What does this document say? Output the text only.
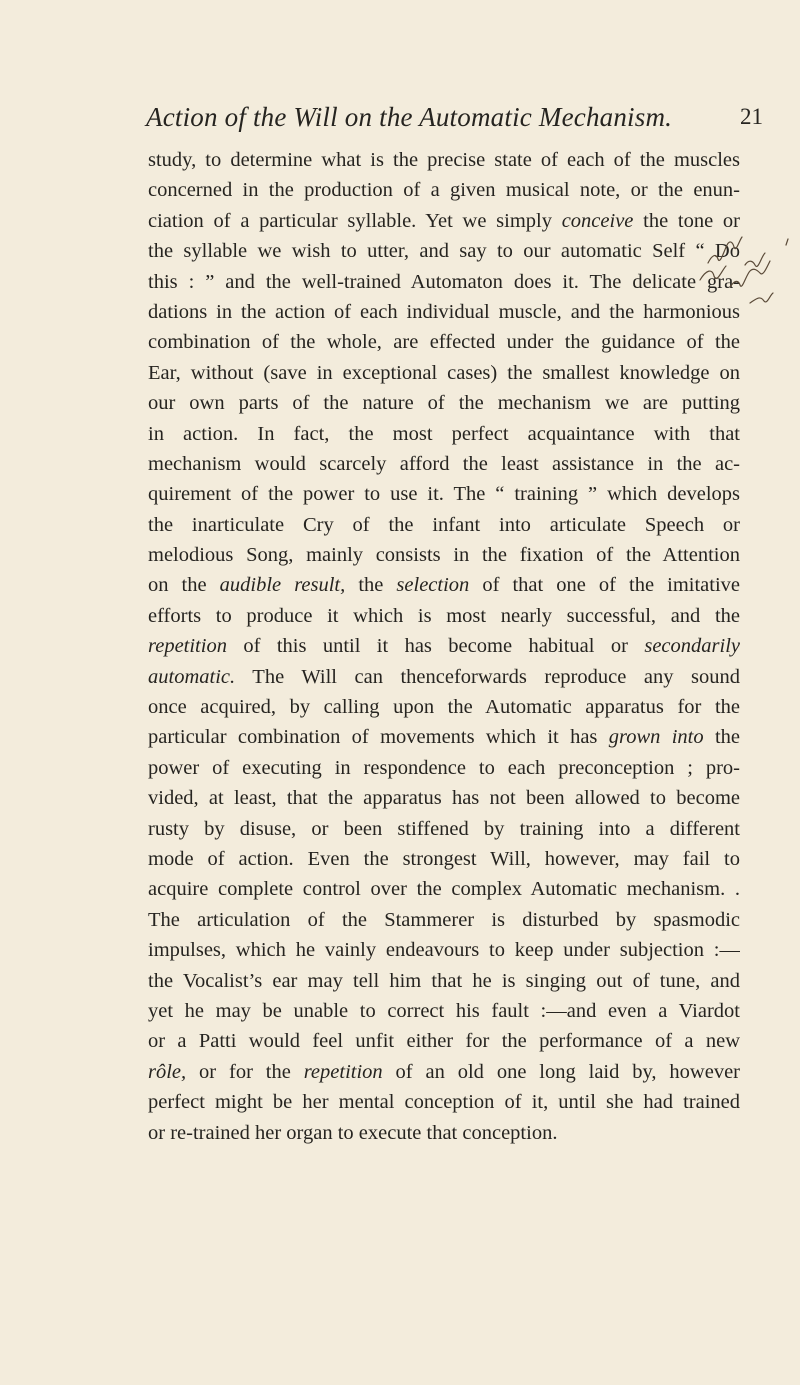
Action of the Will on the Automatic Mechanism.	21
study, to determine what is the precise state of each of the muscles
concerned in the production of a given musical note, or the enun-
ciation of a particular syllable. Yet we simply conceive the tone or
the syllable we wish to utter, and say to our automatic Self “ Do
this : ” and the well-trained Automaton does it. The delicate gra-
dations in the action of each individual muscle, and the harmonious
combination of the whole, are effected under the guidance of the
Ear, without (save in exceptional cases) the smallest knowledge on
our own parts of the nature of the mechanism we are putting
in action. In fact, the most perfect acquaintance with that
mechanism would scarcely afford the least assistance in the ac-
quirement of the power to use it. The “ training ” which develops
the inarticulate Cry of the infant into articulate Speech or
melodious Song, mainly consists in the fixation of the Attention
on the audible result, the selection of that one of the imitative
efforts to produce it which is most nearly successful, and the
repetition of this until it has become habitual or secondarily
automatic. The Will can thenceforwards reproduce any sound
once acquired, by calling upon the Automatic apparatus for the
particular combination of movements which it has grown into the
power of executing in respondence to each preconception ; pro-
vided, at least, that the apparatus has not been allowed to become
rusty by disuse, or been stiffened by training into a different
mode of action. Even the strongest Will, however, may fail to
acquire complete control over the complex Automatic mechanism. .
The articulation of the Stammerer is disturbed by spasmodic
impulses, which he vainly endeavours to keep under subjection :—
the Vocalist’s ear may tell him that he is singing out of tune, and
yet he may be unable to correct his fault :—and even a Viardot
or a Patti would feel unfit either for the performance of a new
rôle, or for the repetition of an old one long laid by, however
perfect might be her mental conception of it, until she had trained
or re-trained her organ to execute that conception.
